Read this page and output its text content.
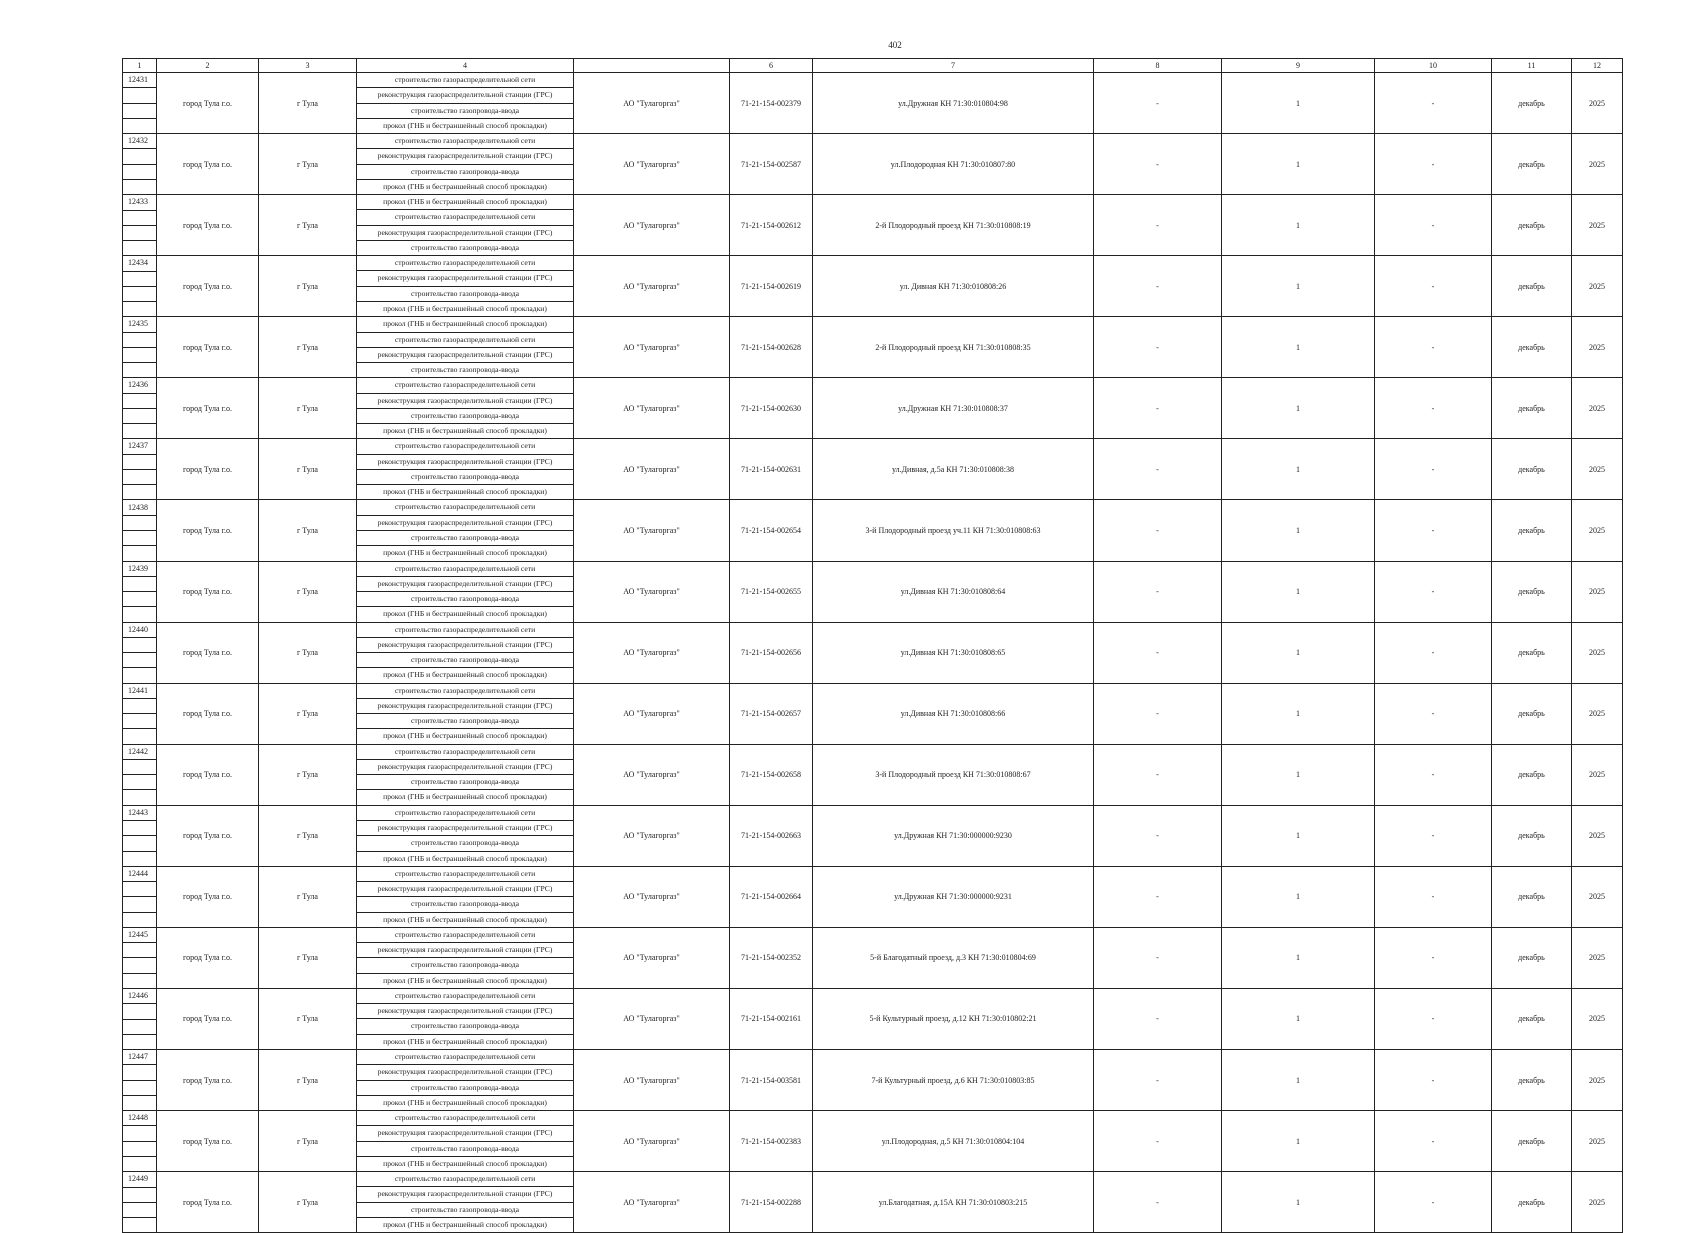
402
1	2	3	4		6	7	8	9	10	11	12

12431	город Тула г.о.	г Тула	строительство газораспределительной сети
реконструкция газораспределительной станции (ГРС)
строительство газопровода-ввода
прокол (ГНБ и бестраншейный способ прокладки)	АО "Тулагоргаз"	71-21-154-002379	ул.Дружная КН 71:30:010804:98	-	1	-	декабрь	2025

12432	город Тула г.о.	г Тула	строительство газораспределительной сети
реконструкция газораспределительной станции (ГРС)
строительство газопровода-ввода
прокол (ГНБ и бестраншейный способ прокладки)	АО "Тулагоргаз"	71-21-154-002587	ул.Плодородная КН 71:30:010807:80	-	1	-	декабрь	2025

12433	город Тула г.о.	г Тула	прокол (ГНБ и бестраншейный способ прокладки)
строительство газораспределительной сети
реконструкция газораспределительной станции (ГРС)
строительство газопровода-ввода	АО "Тулагоргаз"	71-21-154-002612	2-й Плодородный проезд КН 71:30:010808:19	-	1	-	декабрь	2025

12434	город Тула г.о.	г Тула	строительство газораспределительной сети
реконструкция газораспределительной станции (ГРС)
строительство газопровода-ввода
прокол (ГНБ и бестраншейный способ прокладки)	АО "Тулагоргаз"	71-21-154-002619	ул. Дивная КН 71:30:010808:26	-	1	-	декабрь	2025

12435	город Тула г.о.	г Тула	прокол (ГНБ и бестраншейный способ прокладки)
строительство газораспределительной сети
реконструкция газораспределительной станции (ГРС)
строительство газопровода-ввода	АО "Тулагоргаз"	71-21-154-002628	2-й Плодородный проезд КН 71:30:010808:35	-	1	-	декабрь	2025

12436	город Тула г.о.	г Тула	строительство газораспределительной сети
реконструкция газораспределительной станции (ГРС)
строительство газопровода-ввода
прокол (ГНБ и бестраншейный способ прокладки)	АО "Тулагоргаз"	71-21-154-002630	ул.Дружная КН 71:30:010808:37	-	1	-	декабрь	2025

12437	город Тула г.о.	г Тула	строительство газораспределительной сети
реконструкция газораспределительной станции (ГРС)
строительство газопровода-ввода
прокол (ГНБ и бестраншейный способ прокладки)	АО "Тулагоргаз"	71-21-154-002631	ул.Дивная, д.5а КН 71:30:010808:38	-	1	-	декабрь	2025

12438	город Тула г.о.	г Тула	строительство газораспределительной сети
реконструкция газораспределительной станции (ГРС)
строительство газопровода-ввода
прокол (ГНБ и бестраншейный способ прокладки)	АО "Тулагоргаз"	71-21-154-002654	3-й Плодородный проезд уч.11 КН 71:30:010808:63	-	1	-	декабрь	2025

12439	город Тула г.о.	г Тула	строительство газораспределительной сети
реконструкция газораспределительной станции (ГРС)
строительство газопровода-ввода
прокол (ГНБ и бестраншейный способ прокладки)	АО "Тулагоргаз"	71-21-154-002655	ул.Дивная КН 71:30:010808:64	-	1	-	декабрь	2025

12440	город Тула г.о.	г Тула	строительство газораспределительной сети
реконструкция газораспределительной станции (ГРС)
строительство газопровода-ввода
прокол (ГНБ и бестраншейный способ прокладки)	АО "Тулагоргаз"	71-21-154-002656	ул.Дивная КН 71:30:010808:65	-	1	-	декабрь	2025

12441	город Тула г.о.	г Тула	строительство газораспределительной сети
реконструкция газораспределительной станции (ГРС)
строительство газопровода-ввода
прокол (ГНБ и бестраншейный способ прокладки)	АО "Тулагоргаз"	71-21-154-002657	ул.Дивная КН 71:30:010808:66	-	1	-	декабрь	2025

12442	город Тула г.о.	г Тула	строительство газораспределительной сети
реконструкция газораспределительной станции (ГРС)
строительство газопровода-ввода
прокол (ГНБ и бестраншейный способ прокладки)	АО "Тулагоргаз"	71-21-154-002658	3-й Плодородный проезд КН 71:30:010808:67	-	1	-	декабрь	2025

12443	город Тула г.о.	г Тула	строительство газораспределительной сети
реконструкция газораспределительной станции (ГРС)
строительство газопровода-ввода
прокол (ГНБ и бестраншейный способ прокладки)	АО "Тулагоргаз"	71-21-154-002663	ул.Дружная КН 71:30:000000:9230	-	1	-	декабрь	2025

12444	город Тула г.о.	г Тула	строительство газораспределительной сети
реконструкция газораспределительной станции (ГРС)
строительство газопровода-ввода
прокол (ГНБ и бестраншейный способ прокладки)	АО "Тулагоргаз"	71-21-154-002664	ул.Дружная КН 71:30:000000:9231	-	1	-	декабрь	2025

12445	город Тула г.о.	г Тула	строительство газораспределительной сети
реконструкция газораспределительной станции (ГРС)
строительство газопровода-ввода
прокол (ГНБ и бестраншейный способ прокладки)	АО "Тулагоргаз"	71-21-154-002352	5-й Благодатный проезд, д.3 КН 71:30:010804:69	-	1	-	декабрь	2025

12446	город Тула г.о.	г Тула	строительство газораспределительной сети
реконструкция газораспределительной станции (ГРС)
строительство газопровода-ввода
прокол (ГНБ и бестраншейный способ прокладки)	АО "Тулагоргаз"	71-21-154-002161	5-й Культурный проезд, д.12 КН 71:30:010802:21	-	1	-	декабрь	2025

12447	город Тула г.о.	г Тула	строительство газораспределительной сети
реконструкция газораспределительной станции (ГРС)
строительство газопровода-ввода
прокол (ГНБ и бестраншейный способ прокладки)	АО "Тулагоргаз"	71-21-154-003581	7-й Культурный проезд, д.6 КН 71:30:010803:85	-	1	-	декабрь	2025

12448	город Тула г.о.	г Тула	строительство газораспределительной сети
реконструкция газораспределительной станции (ГРС)
строительство газопровода-ввода
прокол (ГНБ и бестраншейный способ прокладки)	АО "Тулагоргаз"	71-21-154-002383	ул.Плодородная, д.5 КН 71:30:010804:104	-	1	-	декабрь	2025

12449	город Тула г.о.	г Тула	строительство газораспределительной сети
реконструкция газораспределительной станции (ГРС)
строительство газопровода-ввода
прокол (ГНБ и бестраншейный способ прокладки)	АО "Тулагоргаз"	71-21-154-002288	ул.Благодатная, д.15А КН 71:30:010803:215	-	1	-	декабрь	2025
